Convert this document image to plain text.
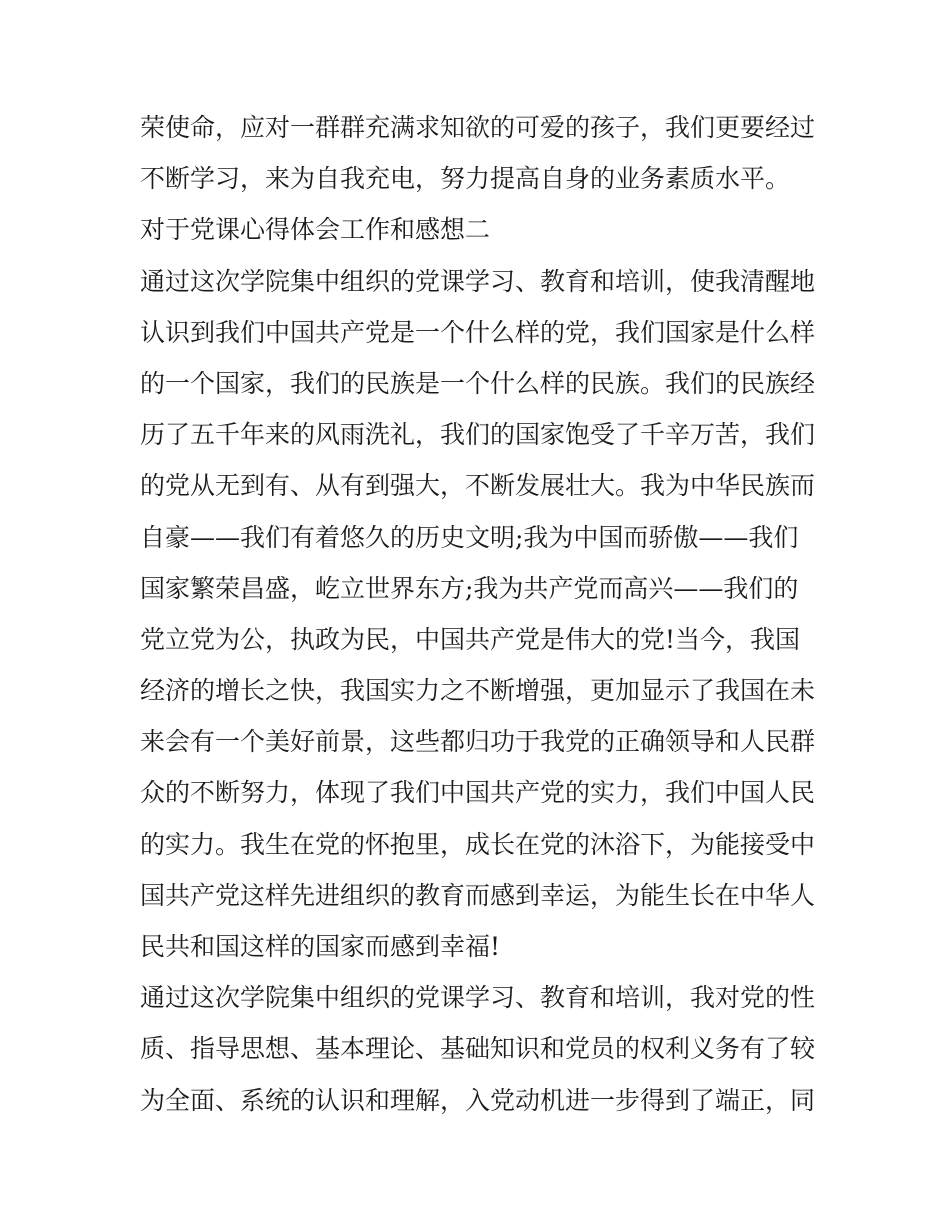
荣使命，应对一群群充满求知欲的可爱的孩子，我们更要经过
不断学习，来为自我充电，努力提高自身的业务素质水平。
对于党课心得体会工作和感想二
通过这次学院集中组织的党课学习、教育和培训，使我清醒地
认识到我们中国共产党是一个什么样的党，我们国家是什么样
的一个国家，我们的民族是一个什么样的民族。我们的民族经
历了五千年来的风雨洗礼，我们的国家饱受了千辛万苦，我们
的党从无到有、从有到强大，不断发展壮大。我为中华民族而
自豪——我们有着悠久的历史文明;我为中国而骄傲——我们
国家繁荣昌盛，屹立世界东方;我为共产党而高兴——我们的
党立党为公，执政为民，中国共产党是伟大的党!当今，我国
经济的增长之快，我国实力之不断增强，更加显示了我国在未
来会有一个美好前景，这些都归功于我党的正确领导和人民群
众的不断努力，体现了我们中国共产党的实力，我们中国人民
的实力。我生在党的怀抱里，成长在党的沐浴下，为能接受中
国共产党这样先进组织的教育而感到幸运，为能生长在中华人
民共和国这样的国家而感到幸福!
通过这次学院集中组织的党课学习、教育和培训，我对党的性
质、指导思想、基本理论、基础知识和党员的权利义务有了较
为全面、系统的认识和理解，入党动机进一步得到了端正，同
